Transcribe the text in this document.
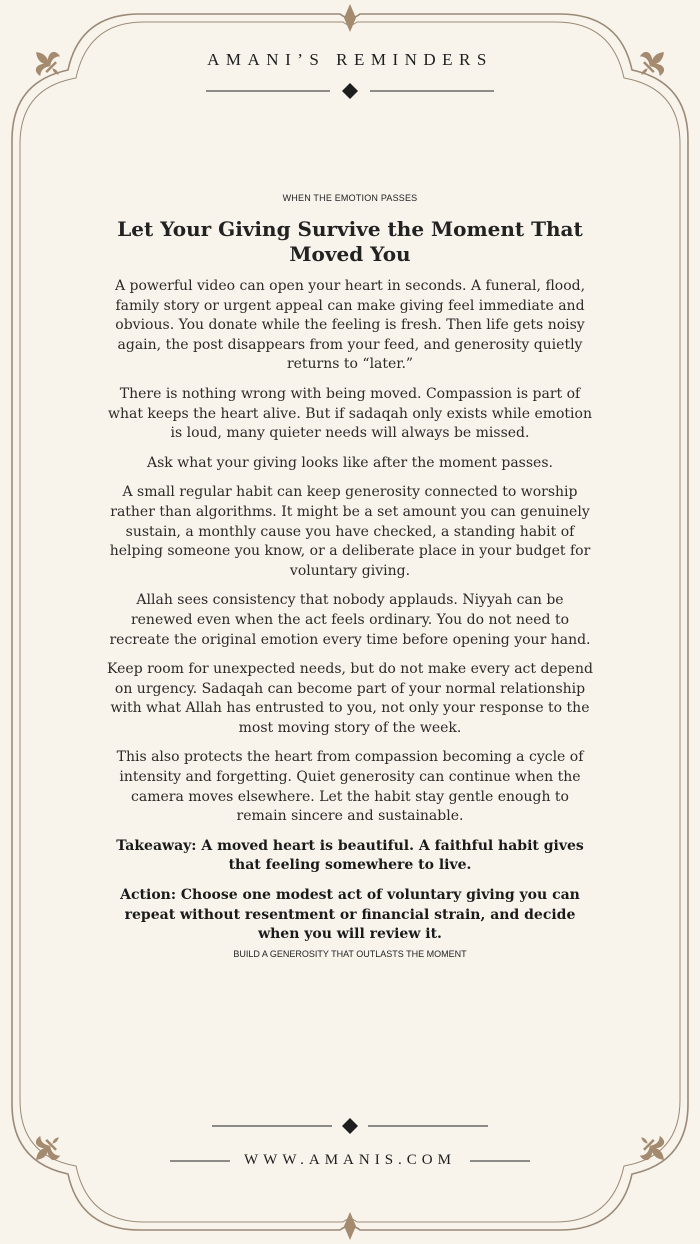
AMANI’S REMINDERS
WHEN THE EMOTION PASSES
Let Your Giving Survive the Moment That Moved You

A powerful video can open your heart in seconds. A funeral, flood, family story or urgent appeal can make giving feel immediate and obvious. You donate while the feeling is fresh. Then life gets noisy again, the post disappears from your feed, and generosity quietly returns to “later.”

There is nothing wrong with being moved. Compassion is part of what keeps the heart alive. But if sadaqah only exists while emotion is loud, many quieter needs will always be missed.

Ask what your giving looks like after the moment passes.

A small regular habit can keep generosity connected to worship rather than algorithms. It might be a set amount you can genuinely sustain, a monthly cause you have checked, a standing habit of helping someone you know, or a deliberate place in your budget for voluntary giving.

Allah sees consistency that nobody applauds. Niyyah can be renewed even when the act feels ordinary. You do not need to recreate the original emotion every time before opening your hand.

Keep room for unexpected needs, but do not make every act depend on urgency. Sadaqah can become part of your normal relationship with what Allah has entrusted to you, not only your response to the most moving story of the week.

This also protects the heart from compassion becoming a cycle of intensity and forgetting. Quiet generosity can continue when the camera moves elsewhere. Let the habit stay gentle enough to remain sincere and sustainable.

Takeaway: A moved heart is beautiful. A faithful habit gives that feeling somewhere to live.

Action: Choose one modest act of voluntary giving you can repeat without resentment or financial strain, and decide when you will review it.

BUILD A GENEROSITY THAT OUTLASTS THE MOMENT
WWW.AMANIS.COM
